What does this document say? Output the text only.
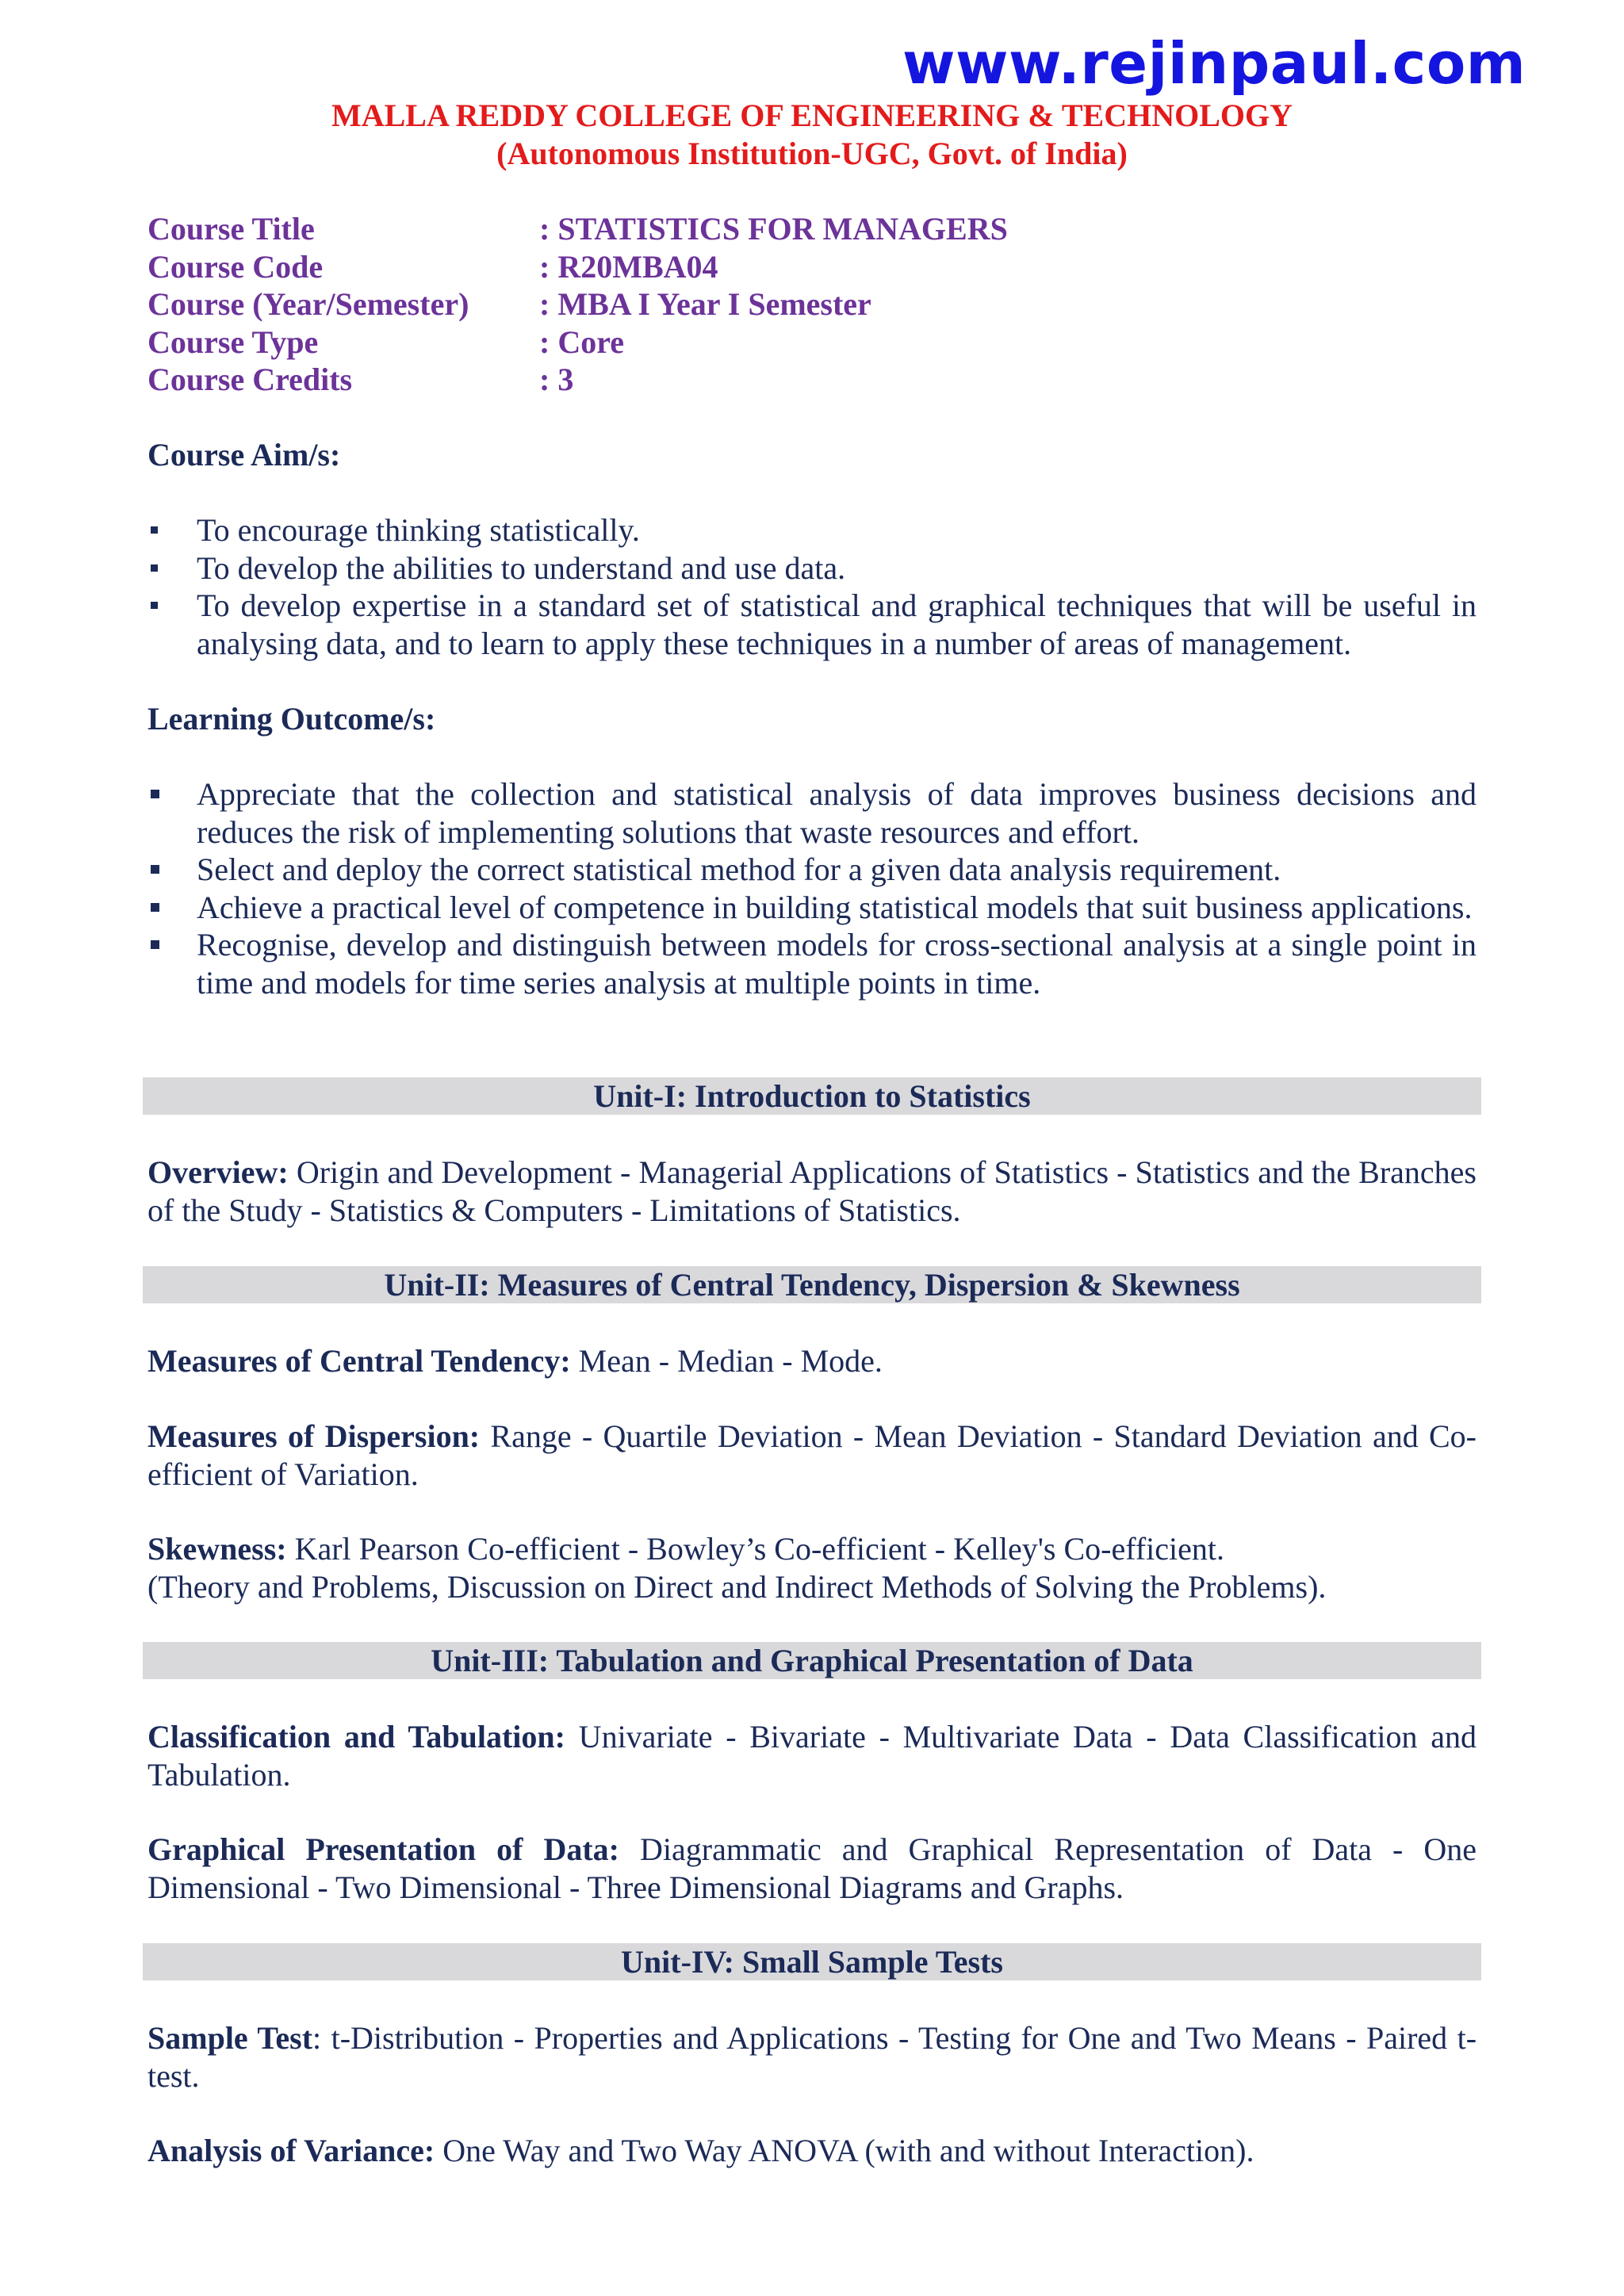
www.rejinpaul.com
MALLA REDDY COLLEGE OF ENGINEERING & TECHNOLOGY
(Autonomous Institution-UGC, Govt. of India)
Course Title	: STATISTICS FOR MANAGERS
Course Code	: R20MBA04
Course (Year/Semester) : MBA I Year I Semester
Course Type	: Core
Course Credits	: 3
Course Aim/s:
To encourage thinking statistically.
To develop the abilities to understand and use data.
To develop expertise in a standard set of statistical and graphical techniques that will be useful in analysing data, and to learn to apply these techniques in a number of areas of management.
Learning Outcome/s:
Appreciate that the collection and statistical analysis of data improves business decisions and reduces the risk of implementing solutions that waste resources and effort.
Select and deploy the correct statistical method for a given data analysis requirement.
Achieve a practical level of competence in building statistical models that suit business applications.
Recognise, develop and distinguish between models for cross-sectional analysis at a single point in time and models for time series analysis at multiple points in time.
Unit-I: Introduction to Statistics

Overview: Origin and Development - Managerial Applications of Statistics - Statistics and the Branches of the Study - Statistics & Computers - Limitations of Statistics.

Unit-II: Measures of Central Tendency, Dispersion & Skewness

Measures of Central Tendency: Mean - Median - Mode.

Measures of Dispersion: Range - Quartile Deviation - Mean Deviation - Standard Deviation and Co-efficient of Variation.

Skewness: Karl Pearson Co-efficient - Bowley’s Co-efficient - Kelley's Co-efficient.
(Theory and Problems, Discussion on Direct and Indirect Methods of Solving the Problems).

Unit-III: Tabulation and Graphical Presentation of Data

Classification and Tabulation: Univariate - Bivariate - Multivariate Data - Data Classification and Tabulation.

Graphical Presentation of Data: Diagrammatic and Graphical Representation of Data - One Dimensional - Two Dimensional - Three Dimensional Diagrams and Graphs.

Unit-IV: Small Sample Tests

Sample Test: t-Distribution - Properties and Applications - Testing for One and Two Means - Paired t-test.

Analysis of Variance: One Way and Two Way ANOVA (with and without Interaction).
